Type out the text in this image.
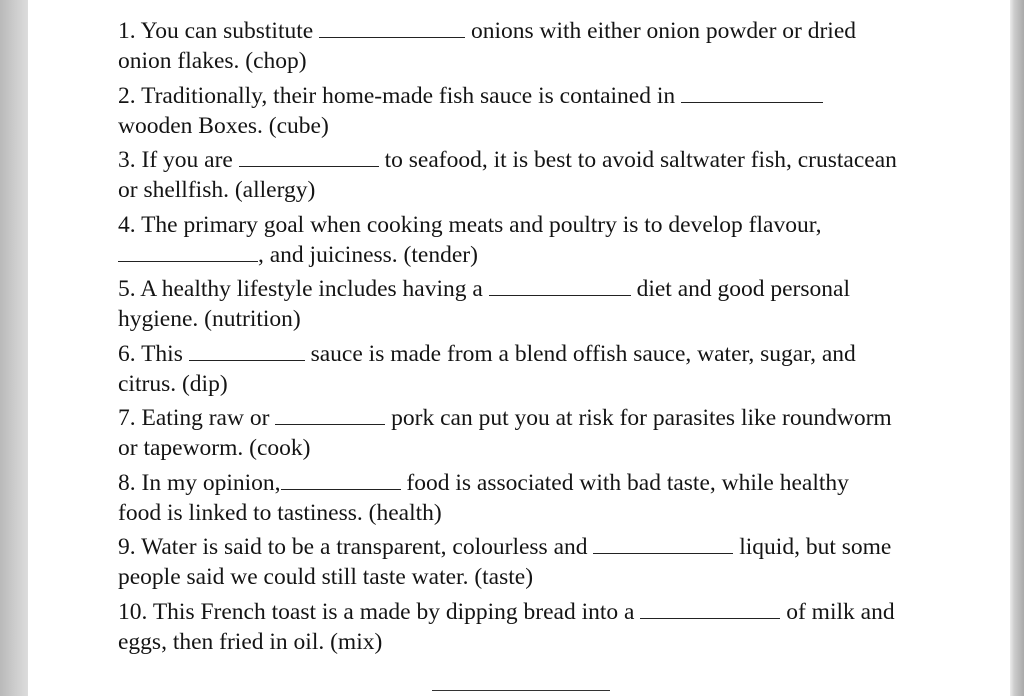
1. You can substitute	onions with either onion powder or dried
onion flakes. (chop)
2. Traditionally, their home-made fish sauce is contained in
wooden Boxes. (cube)
3. If you are	to seafood, it is best to avoid saltwater fish, crustacean
or shellfish. (allergy)
4. The primary goal when cooking meats and poultry is to develop flavour,
, and juiciness. (tender)
5. A healthy lifestyle includes having a	diet and good personal
hygiene. (nutrition)
6. This	sauce is made from a blend offish sauce, water, sugar, and
citrus. (dip)
7. Eating raw or	pork can put you at risk for parasites like roundworm
or tapeworm. (cook)
8. In my opinion,	food is associated with bad taste, while healthy
food is linked to tastiness. (health)
9. Water is said to be a transparent, colourless and	liquid, but some
people said we could still taste water. (taste)
10. This French toast is a made by dipping bread into a	of milk and
eggs, then fried in oil. (mix)
